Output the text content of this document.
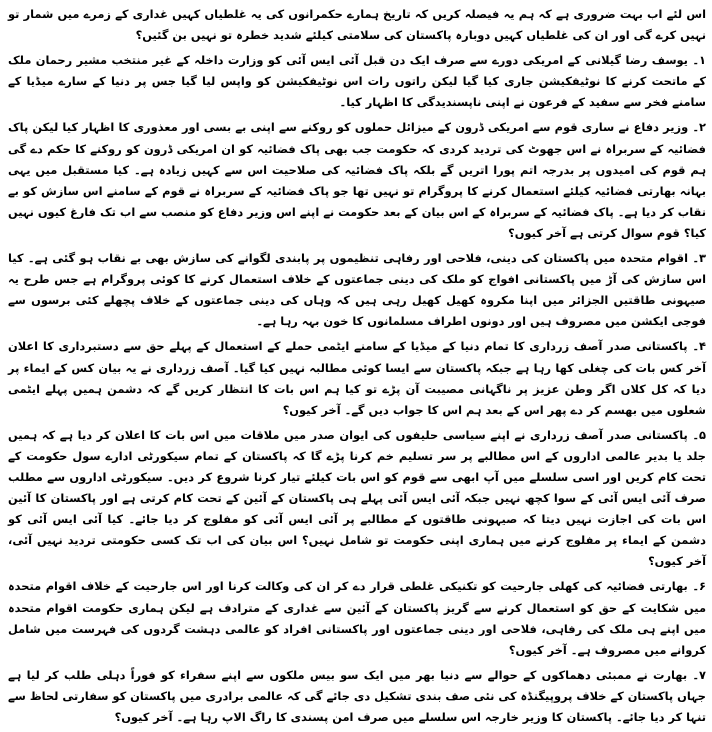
اس لئے اب بہت ضروری ہے کہ ہم یہ فیصلہ کریں کہ تاریخ ہمارے حکمرانوں کی یہ غلطیاں کہیں غداری کے زمرے میں شمار تو نہیں کرے گی اور ان کی غلطیاں کہیں دوبارہ پاکستان کی سلامتی کیلئے شدید خطرہ تو نہیں بن گئیں؟

۱۔ یوسف رضا گیلانی کے امریکی دورے سے صرف ایک دن قبل آئی ایس آئی کو وزارت داخلہ کے غیر منتخب مشیر رحمان ملک کے ماتحت کرنے کا نوٹیفکیشن جاری کیا گیا لیکن راتوں رات اس نوٹیفکیشن کو واپس لیا گیا جس پر دنیا کے سارے میڈیا کے سامنے فخر سے سفید کے فرعون نے اپنی ناپسندیدگی کا اظہار کیا۔

۲۔ وزیر دفاع نے ساری قوم سے امریکی ڈرون کے میزائل حملوں کو روکنے سے اپنی بے بسی اور معذوری کا اظہار کیا لیکن پاک فضائیہ کے سربراہ نے اس جھوٹ کی تردید کردی کہ حکومت جب بھی پاک فضائیہ کو ان امریکی ڈرون کو روکنے کا حکم دے گی ہم قوم کی امیدوں پر بدرجہ اتم پورا اتریں گے بلکہ پاک فضائیہ کی صلاحیت اس سے کہیں زیادہ ہے۔ کیا مستقبل میں یہی بہانہ بھارتی فضائیہ کیلئے استعمال کرنے کا پروگرام تو نہیں تھا جو پاک فضائیہ کے سربراہ نے قوم کے سامنے اس سازش کو بے نقاب کر دیا ہے۔ پاک فضائیہ کے سربراہ کے اس بیان کے بعد حکومت نے اپنے اس وزیر دفاع کو منصب سے اب تک فارغ کیوں نہیں کیا؟ قوم سوال کرتی ہے آخر کیوں؟

۳۔ اقوام متحدہ میں پاکستان کی دینی، فلاحی اور رفاہی تنظیموں پر پابندی لگوانے کی سازش بھی بے نقاب ہو گئی ہے۔ کیا اس سازش کی آڑ میں پاکستانی افواج کو ملک کی دینی جماعتوں کے خلاف استعمال کرنے کا کوئی پروگرام ہے جس طرح یہ صیہونی طاقتیں الجزائر میں اپنا مکروہ کھیل کھیل رہی ہیں کہ وہاں کی دینی جماعتوں کے خلاف پچھلے کئی برسوں سے فوجی ایکشن میں مصروف ہیں اور دونوں اطراف مسلمانوں کا خون بہہ رہا ہے۔

۴۔ پاکستانی صدر آصف زرداری کا تمام دنیا کے میڈیا کے سامنے ایٹمی حملے کے استعمال کے پہلے حق سے دستبرداری کا اعلان آخر کس بات کی چغلی کھا رہا ہے جبکہ پاکستان سے ایسا کوئی مطالبہ نہیں کیا گیا۔ آصف زرداری نے یہ بیان کس کے ایماء پر دیا کہ کل کلاں اگر وطن عزیز پر ناگہانی مصیبت آن پڑے تو کیا ہم اس بات کا انتظار کریں گے کہ دشمن ہمیں پہلے ایٹمی شعلوں میں بھسم کر دے پھر اس کے بعد ہم اس کا جواب دیں گے۔ آخر کیوں؟

۵۔ پاکستانی صدر آصف زرداری نے اپنے سیاسی حلیفوں کی ایوان صدر میں ملاقات میں اس بات کا اعلان کر دیا ہے کہ ہمیں جلد یا بدیر عالمی اداروں کے اس مطالبے پر سر تسلیم خم کرنا پڑے گا کہ پاکستان کے تمام سیکورٹی ادارے سول حکومت کے تحت کام کریں اور اسی سلسلے میں آپ ابھی سے قوم کو اس بات کیلئے تیار کرنا شروع کر دیں۔ سیکورٹی اداروں سے مطلب صرف آئی ایس آئی کے سوا کچھ نہیں جبکہ آئی ایس آئی پہلے ہی پاکستان کے آئین کے تحت کام کرتی ہے اور پاکستان کا آئین اس بات کی اجازت نہیں دیتا کہ صیہونی طاقتوں کے مطالبے پر آئی ایس آئی کو مفلوج کر دیا جائے۔ کیا آئی ایس آئی کو دشمن کے ایماء پر مفلوج کرنے میں ہماری اپنی حکومت تو شامل نہیں؟ اس بیان کی اب تک کسی حکومتی تردید نہیں آئی، آخر کیوں؟

۶۔ بھارتی فضائیہ کی کھلی جارحیت کو تکنیکی غلطی قرار دے کر ان کی وکالت کرنا اور اس جارحیت کے خلاف اقوام متحدہ میں شکایت کے حق کو استعمال کرنے سے گریز پاکستان کے آئین سے غداری کے مترادف ہے لیکن ہماری حکومت اقوام متحدہ میں اپنے ہی ملک کی رفاہی، فلاحی اور دینی جماعتوں اور پاکستانی افراد کو عالمی دہشت گردوں کی فہرست میں شامل کروانے میں مصروف ہے۔ آخر کیوں؟

۷۔ بھارت نے ممبئی دھماکوں کے حوالے سے دنیا بھر میں ایک سو بیس ملکوں سے اپنے سفراء کو فوراً دہلی طلب کر لیا ہے جہاں پاکستان کے خلاف پروپیگنڈہ کی نئی صف بندی تشکیل دی جائے گی کہ عالمی برادری میں پاکستان کو سفارتی لحاظ سے تنہا کر دیا جائے۔ پاکستان کا وزیر خارجہ اس سلسلے میں صرف امن پسندی کا راگ الاپ رہا ہے۔ آخر کیوں؟
